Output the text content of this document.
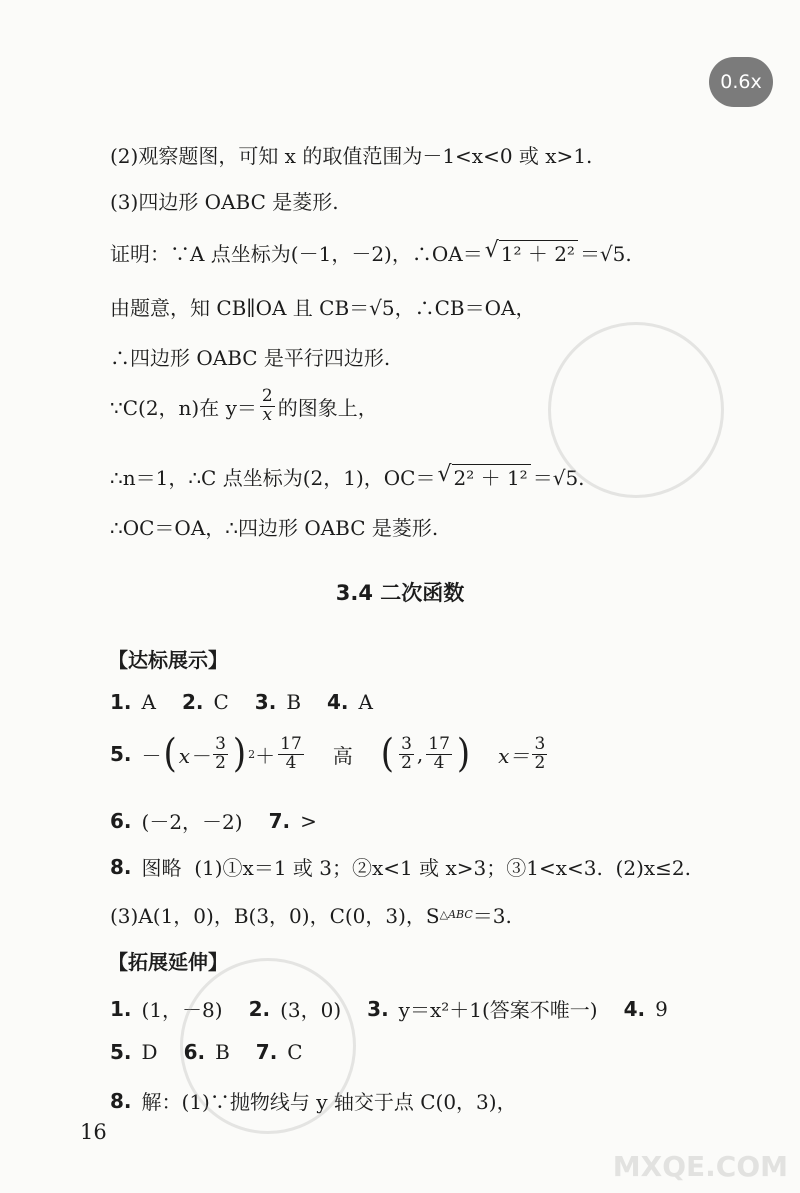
0.6x
(2)观察题图，可知 x 的取值范围为－1<x<0 或 x>1.
(3)四边形 OABC 是菱形.
证明：∵A 点坐标为(－1，－2)，∴OA＝ √ 1² ＋ 2² ＝√5.
由题意，知 CB∥OA 且 CB＝√5，∴CB＝OA，
∴四边形 OABC 是平行四边形.
∵C(2，n)在 $y= \frac{2}{x}$ 的图象上，
∴n＝1，∴C 点坐标为(2，1)，OC＝ √ 2² ＋ 1² ＝√5.
∴OC＝OA，∴四边形 OABC 是菱形.
3.4 二次函数
【达标展示】
1. A 2. C 3. B 4. A
5. － ( $x- \frac{3}{2}$ ) $2 + \frac{17}{4}$ 高 ( $\frac{3}{2}$ , $\frac{17}{4}$ ) $x= \frac{3}{2}$
6. (－2，－2) 7. >
8. 图略  (1)①x＝1 或 3；②x<1 或 x>3；③1<x<3.  (2)x≤2.
(3)A(1，0)，B(3，0)，C(0，3)，S △ABC ＝3.
【拓展延伸】
1. (1，－8) 2. (3，0) 3. y＝x²＋1(答案不唯一) 4. 9
5. D 6. B 7. C
8. 解：(1)∵抛物线与 y 轴交于点 C(0，3)，
16
MXQE.COM
